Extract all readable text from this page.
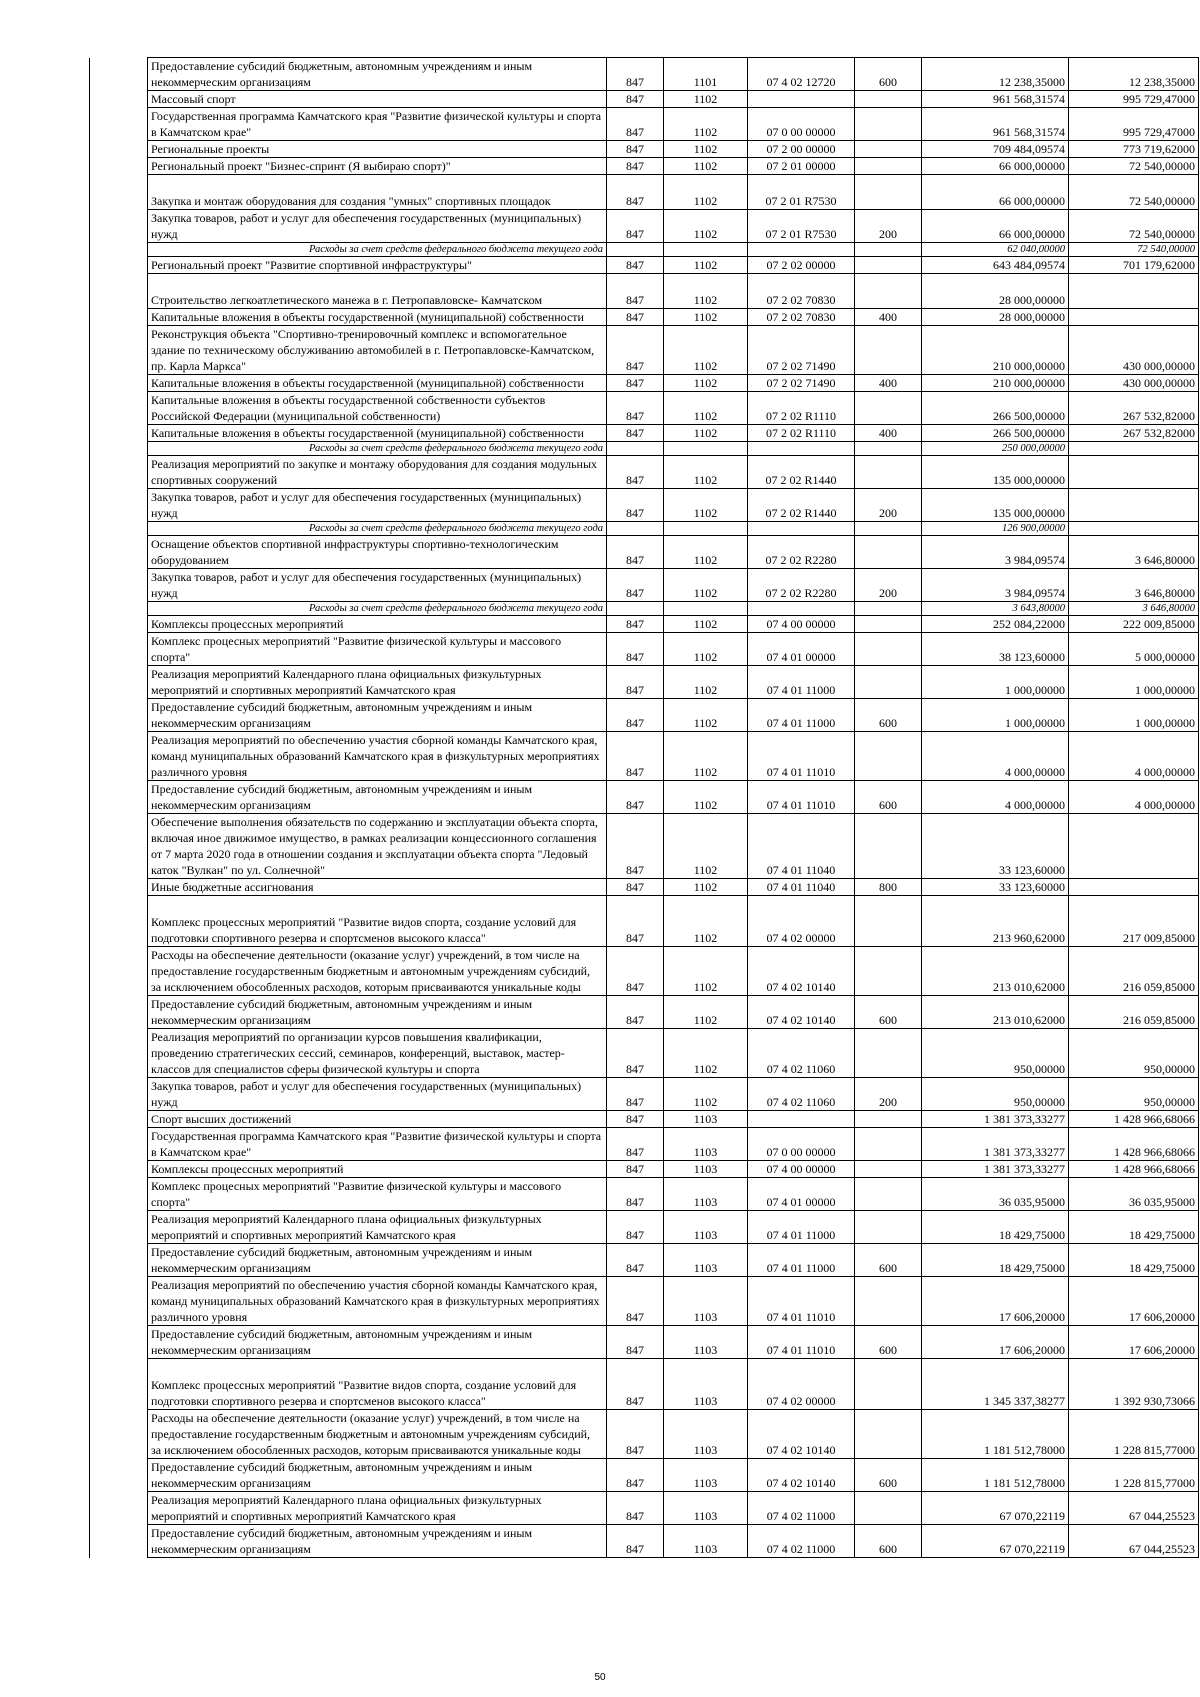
	Предоставление субсидий бюджетным, автономным учреждениям и иным некоммерческим организациям	847	1101	07 4 02 12720	600	12 238,35000	12 238,35000
	Массовый спорт	847	1102			961 568,31574	995 729,47000
	Государственная программа Камчатского края "Развитие физической культуры и спорта в Камчатском крае"	847	1102	07 0 00 00000		961 568,31574	995 729,47000
	Региональные проекты	847	1102	07 2 00 00000		709 484,09574	773 719,62000
	Региональный проект "Бизнес-спринт (Я выбираю спорт)"	847	1102	07 2 01 00000		66 000,00000	72 540,00000
	Закупка и монтаж оборудования для создания "умных" спортивных площадок	847	1102	07 2 01 R7530		66 000,00000	72 540,00000
	Закупка товаров, работ и услуг для обеспечения государственных (муниципальных) нужд	847	1102	07 2 01 R7530	200	66 000,00000	72 540,00000
	Расходы за счет средств федерального бюджета текущего года					62 040,00000	72 540,00000
	Региональный проект "Развитие спортивной инфраструктуры"	847	1102	07 2 02 00000		643 484,09574	701 179,62000
	Строительство легкоатлетического манежа в г. Петропавловске- Камчатском	847	1102	07 2 02 70830		28 000,00000	
	Капитальные вложения в объекты государственной (муниципальной) собственности	847	1102	07 2 02 70830	400	28 000,00000	
	Реконструкция объекта "Спортивно-тренировочный комплекс и вспомогательное здание по техническому обслуживанию автомобилей в г. Петропавловске-Камчатском, пр. Карла Маркса"	847	1102	07 2 02 71490		210 000,00000	430 000,00000
	Капитальные вложения в объекты государственной (муниципальной) собственности	847	1102	07 2 02 71490	400	210 000,00000	430 000,00000
	Капитальные вложения в объекты государственной собственности субъектов Российской Федерации (муниципальной собственности)	847	1102	07 2 02 R1110		266 500,00000	267 532,82000
	Капитальные вложения в объекты государственной (муниципальной) собственности	847	1102	07 2 02 R1110	400	266 500,00000	267 532,82000
	Расходы за счет средств федерального бюджета текущего года					250 000,00000	
	Реализация мероприятий по закупке и монтажу оборудования для создания модульных спортивных сооружений	847	1102	07 2 02 R1440		135 000,00000	
	Закупка товаров, работ и услуг для обеспечения государственных (муниципальных) нужд	847	1102	07 2 02 R1440	200	135 000,00000	
	Расходы за счет средств федерального бюджета текущего года					126 900,00000	
	Оснащение объектов спортивной инфраструктуры спортивно-технологическим оборудованием	847	1102	07 2 02 R2280		3 984,09574	3 646,80000
	Закупка товаров, работ и услуг для обеспечения государственных (муниципальных) нужд	847	1102	07 2 02 R2280	200	3 984,09574	3 646,80000
	Расходы за счет средств федерального бюджета текущего года					3 643,80000	3 646,80000
	Комплексы процессных мероприятий	847	1102	07 4 00 00000		252 084,22000	222 009,85000
	Комплекс процесных мероприятий "Развитие физической культуры и массового спорта"	847	1102	07 4 01 00000		38 123,60000	5 000,00000
	Реализация мероприятий Календарного плана официальных физкультурных мероприятий и спортивных мероприятий Камчатского края	847	1102	07 4 01 11000		1 000,00000	1 000,00000
	Предоставление субсидий бюджетным, автономным учреждениям и иным некоммерческим организациям	847	1102	07 4 01 11000	600	1 000,00000	1 000,00000
	Реализация мероприятий по обеспечению участия сборной команды Камчатского края, команд муниципальных образований Камчатского края в физкультурных мероприятиях различного уровня	847	1102	07 4 01 11010		4 000,00000	4 000,00000
	Предоставление субсидий бюджетным, автономным учреждениям и иным некоммерческим организациям	847	1102	07 4 01 11010	600	4 000,00000	4 000,00000
	Обеспечение выполнения обязательств по содержанию и эксплуатации объекта спорта, включая иное движимое имущество, в рамках реализации концессионного соглашения от 7 марта 2020 года в отношении создания и эксплуатации объекта спорта "Ледовый каток "Вулкан" по ул. Солнечной"	847	1102	07 4 01 11040		33 123,60000	
	Иные бюджетные ассигнования	847	1102	07 4 01 11040	800	33 123,60000	
	Комплекс процессных мероприятий "Развитие видов спорта, создание условий для подготовки спортивного резерва и спортсменов высокого класса"	847	1102	07 4 02 00000		213 960,62000	217 009,85000
	Расходы на обеспечение деятельности (оказание услуг) учреждений, в том числе на предоставление государственным бюджетным и автономным учреждениям субсидий, за исключением обособленных расходов, которым присваиваются уникальные коды	847	1102	07 4 02 10140		213 010,62000	216 059,85000
	Предоставление субсидий бюджетным, автономным учреждениям и иным некоммерческим организациям	847	1102	07 4 02 10140	600	213 010,62000	216 059,85000
	Реализация мероприятий по организации курсов повышения квалификации, проведению стратегических сессий, семинаров, конференций, выставок, мастер-классов для специалистов сферы физической культуры и спорта	847	1102	07 4 02 11060		950,00000	950,00000
	Закупка товаров, работ и услуг для обеспечения государственных (муниципальных) нужд	847	1102	07 4 02 11060	200	950,00000	950,00000
	Спорт высших достижений	847	1103			1 381 373,33277	1 428 966,68066
	Государственная программа Камчатского края "Развитие физической культуры и спорта в Камчатском крае"	847	1103	07 0 00 00000		1 381 373,33277	1 428 966,68066
	Комплексы процессных мероприятий	847	1103	07 4 00 00000		1 381 373,33277	1 428 966,68066
	Комплекс процесных мероприятий "Развитие физической культуры и массового спорта"	847	1103	07 4 01 00000		36 035,95000	36 035,95000
	Реализация мероприятий Календарного плана официальных физкультурных мероприятий и спортивных мероприятий Камчатского края	847	1103	07 4 01 11000		18 429,75000	18 429,75000
	Предоставление субсидий бюджетным, автономным учреждениям и иным некоммерческим организациям	847	1103	07 4 01 11000	600	18 429,75000	18 429,75000
	Реализация мероприятий по обеспечению участия сборной команды Камчатского края, команд муниципальных образований Камчатского края в физкультурных мероприятиях различного уровня	847	1103	07 4 01 11010		17 606,20000	17 606,20000
	Предоставление субсидий бюджетным, автономным учреждениям и иным некоммерческим организациям	847	1103	07 4 01 11010	600	17 606,20000	17 606,20000
	Комплекс процессных мероприятий "Развитие видов спорта, создание условий для подготовки спортивного резерва и спортсменов высокого класса"	847	1103	07 4 02 00000		1 345 337,38277	1 392 930,73066
	Расходы на обеспечение деятельности (оказание услуг) учреждений, в том числе на предоставление государственным бюджетным и автономным учреждениям субсидий, за исключением обособленных расходов, которым присваиваются уникальные коды	847	1103	07 4 02 10140		1 181 512,78000	1 228 815,77000
	Предоставление субсидий бюджетным, автономным учреждениям и иным некоммерческим организациям	847	1103	07 4 02 10140	600	1 181 512,78000	1 228 815,77000
	Реализация мероприятий Календарного плана официальных физкультурных мероприятий и спортивных мероприятий Камчатского края	847	1103	07 4 02 11000		67 070,22119	67 044,25523
	Предоставление субсидий бюджетным, автономным учреждениям и иным некоммерческим организациям	847	1103	07 4 02 11000	600	67 070,22119	67 044,25523
50
